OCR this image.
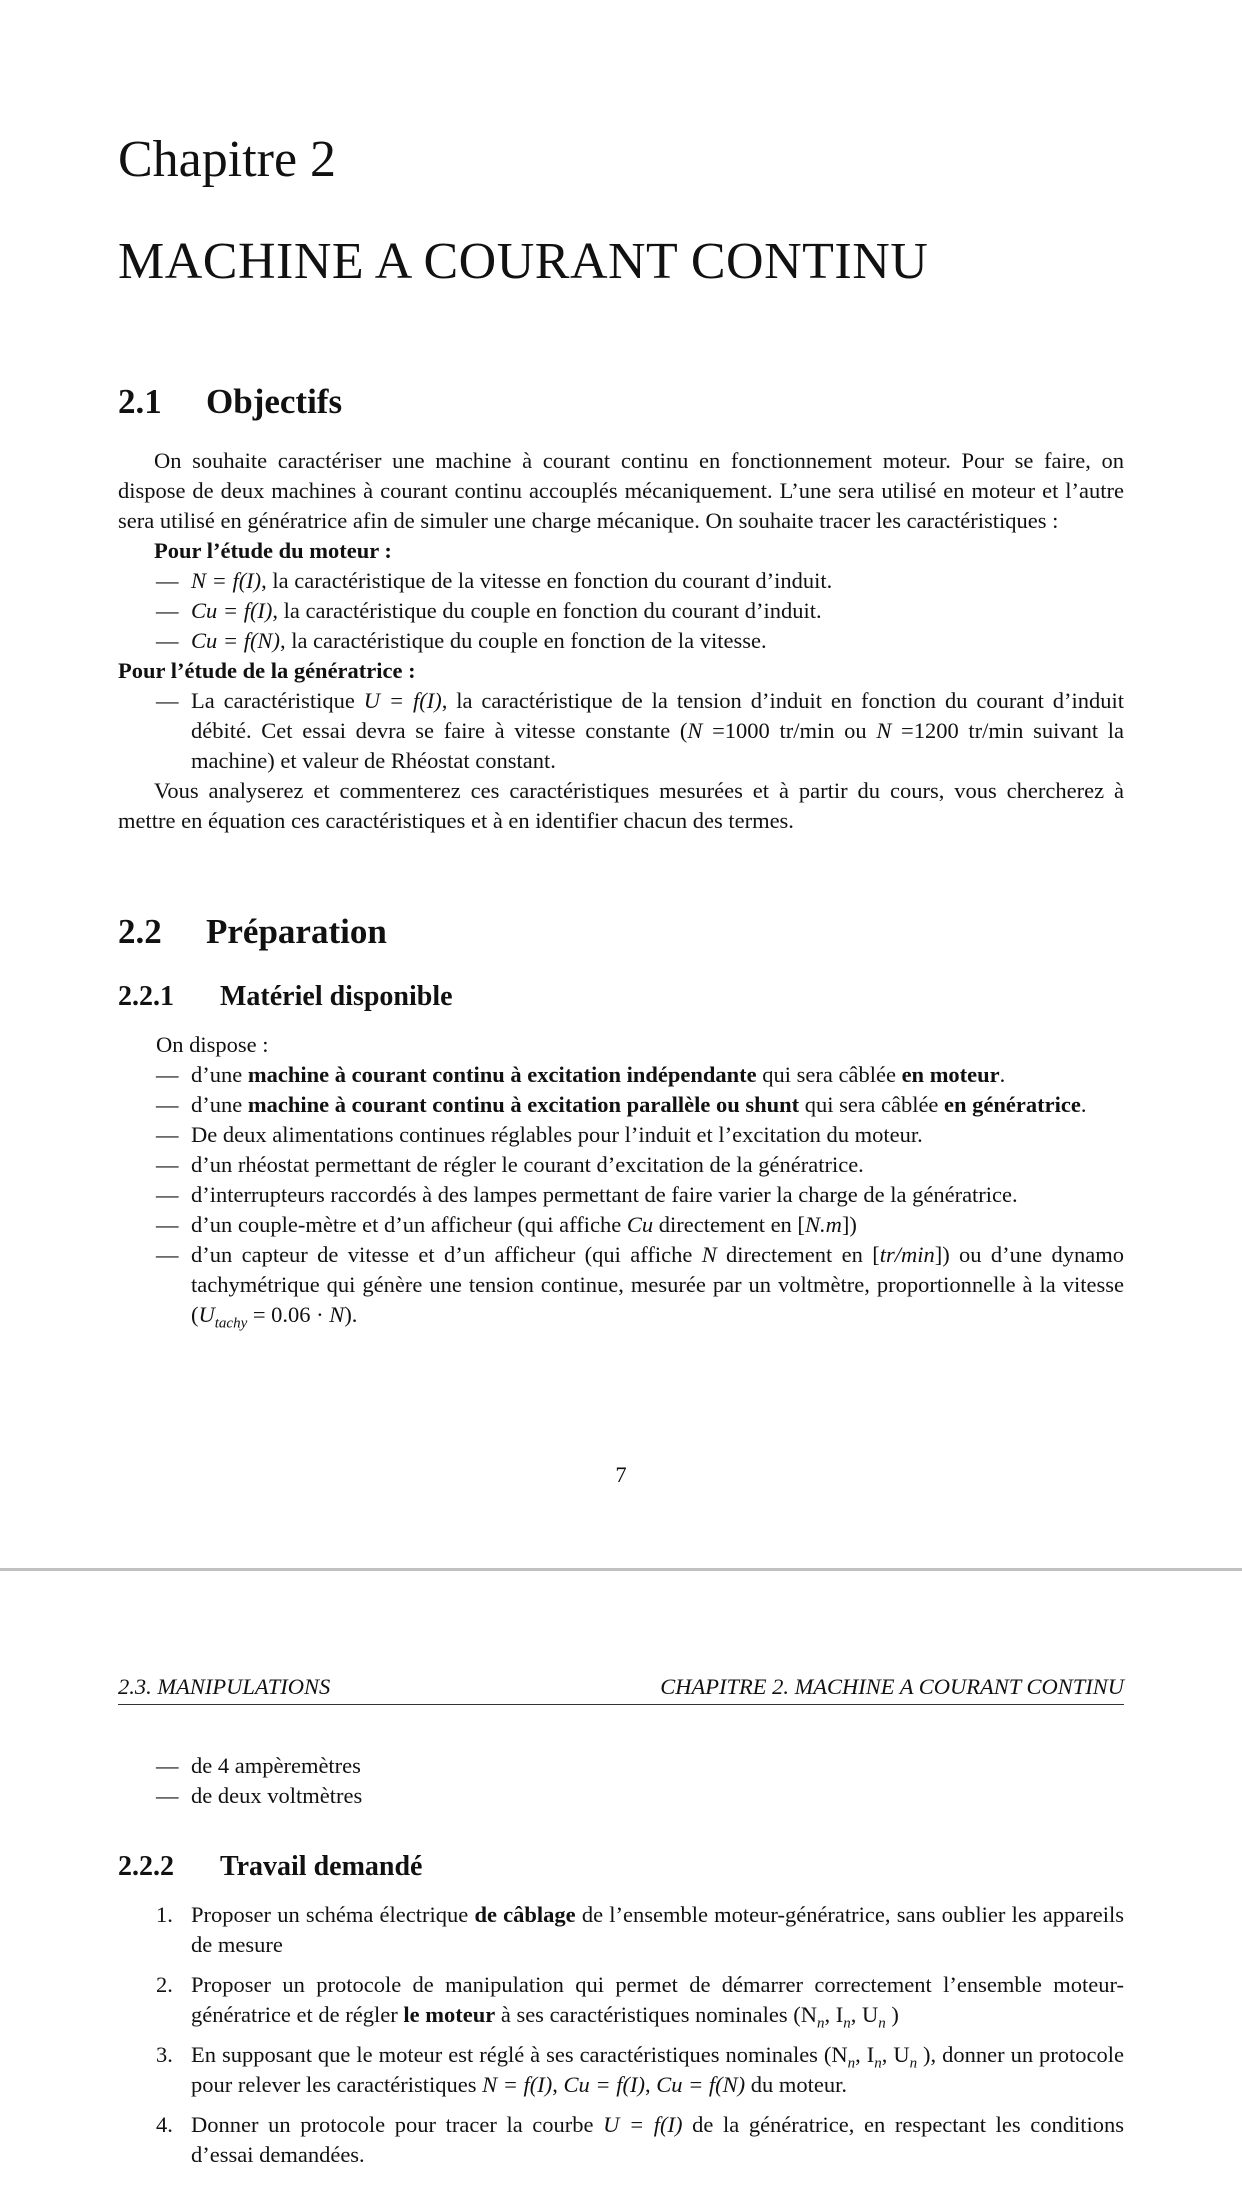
Chapitre 2
MACHINE A COURANT CONTINU
2.1 Objectifs

On souhaite caractériser une machine à courant continu en fonctionnement moteur. Pour se faire, on dispose de deux machines à courant continu accouplés mécaniquement. L’une sera utilisé en moteur et l’autre sera utilisé en génératrice afin de simuler une charge mécanique. On souhaite tracer les caractéristiques :

Pour l’étude du moteur :

— N = f(I), la caractéristique de la vitesse en fonction du courant d’induit.
— Cu = f(I), la caractéristique du couple en fonction du courant d’induit.
— Cu = f(N), la caractéristique du couple en fonction de la vitesse.

Pour l’étude de la génératrice :

— La caractéristique U = f(I), la caractéristique de la tension d’induit en fonction du courant d’induit débité. Cet essai devra se faire à vitesse constante (N =1000 tr/min ou N =1200 tr/min suivant la machine) et valeur de Rhéostat constant.

Vous analyserez et commenterez ces caractéristiques mesurées et à partir du cours, vous chercherez à mettre en équation ces caractéristiques et à en identifier chacun des termes.

2.2 Préparation
2.2.1 Matériel disponible

On dispose :

— d’une machine à courant continu à excitation indépendante qui sera câblée en moteur.
— d’une machine à courant continu à excitation parallèle ou shunt qui sera câblée en génératrice.
— De deux alimentations continues réglables pour l’induit et l’excitation du moteur.
— d’un rhéostat permettant de régler le courant d’excitation de la génératrice.
— d’interrupteurs raccordés à des lampes permettant de faire varier la charge de la génératrice.
— d’un couple-mètre et d’un afficheur (qui affiche Cu directement en [N.m])
— d’un capteur de vitesse et d’un afficheur (qui affiche N directement en [tr/min]) ou d’une dynamo tachymétrique qui génère une tension continue, mesurée par un voltmètre, proportionnelle à la vitesse $(U_{tachy} = 0.06 \cdot N)$.
7
2.3. MANIPULATIONS	CHAPITRE 2. MACHINE A COURANT CONTINU
— de 4 ampèremètres
— de deux voltmètres
2.2.2 Travail demandé
1. Proposer un schéma électrique de câblage de l’ensemble moteur-génératrice, sans oublier les appareils de mesure
2. Proposer un protocole de manipulation qui permet de démarrer correctement l’ensemble moteur-génératrice et de régler le moteur à ses caractéristiques nominales ($N_n$, $I_n$, $U_n$ )
3. En supposant que le moteur est réglé à ses caractéristiques nominales ($N_n$, $I_n$, $U_n$ ), donner un protocole pour relever les caractéristiques N = f(I), Cu = f(I), Cu = f(N) du moteur.
4. Donner un protocole pour tracer la courbe U = f(I) de la génératrice, en respectant les conditions d’essai demandées.
